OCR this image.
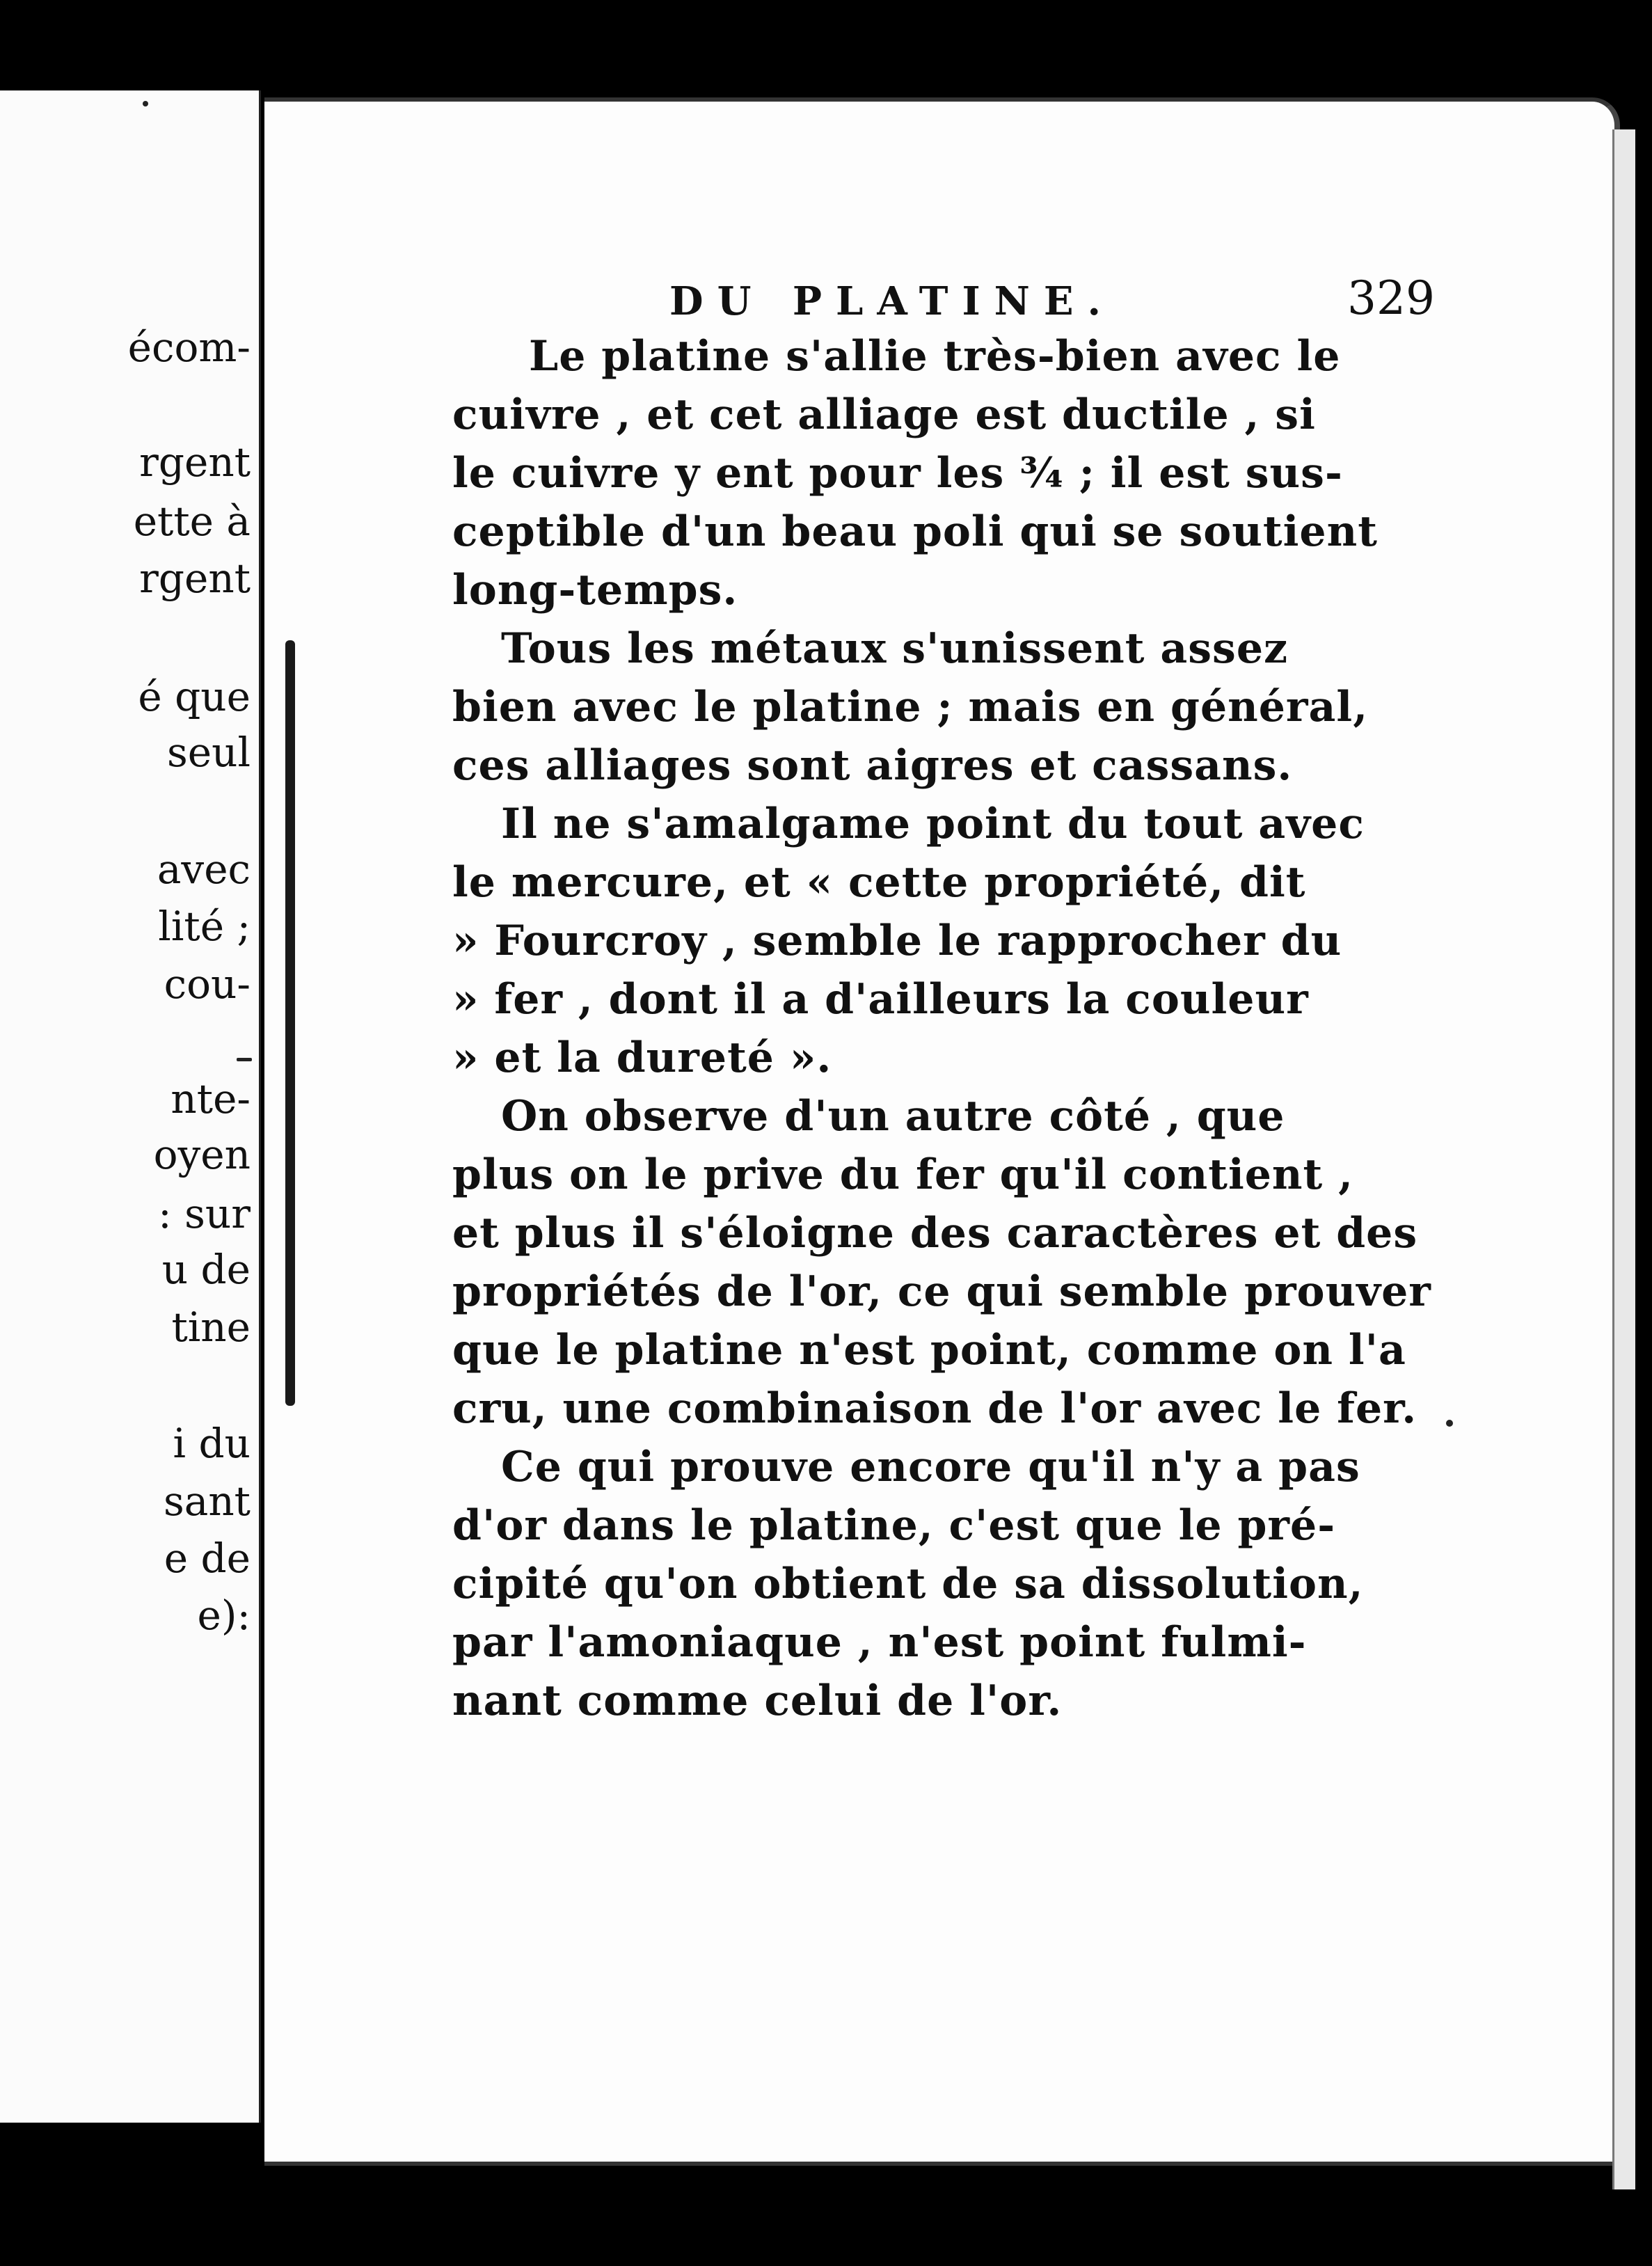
écom-
rgent
ette à
rgent
é que
seul
avec
lité ;
cou-
nte-
oyen
: sur
u de
tine
i du
sant
e de
e):
DU PLATINE.	329
Le platine s'allie très-bien avec le
cuivre , et cet alliage est ductile , si
le cuivre y ent pour les ¾ ; il est sus-
ceptible d'un beau poli qui se soutient
long-temps.
Tous les métaux s'unissent assez
bien avec le platine ; mais en général,
ces alliages sont aigres et cassans.
Il ne s'amalgame point du tout avec
le mercure, et « cette propriété, dit
» Fourcroy , semble le rapprocher du
» fer , dont il a d'ailleurs la couleur
» et la dureté ».
On observe d'un autre côté , que
plus on le prive du fer qu'il contient ,
et plus il s'éloigne des caractères et des
propriétés de l'or, ce qui semble prouver
que le platine n'est point, comme on l'a
cru, une combinaison de l'or avec le fer.
Ce qui prouve encore qu'il n'y a pas
d'or dans le platine, c'est que le pré-
cipité qu'on obtient de sa dissolution,
par l'amoniaque , n'est point fulmi-
nant comme celui de l'or.
